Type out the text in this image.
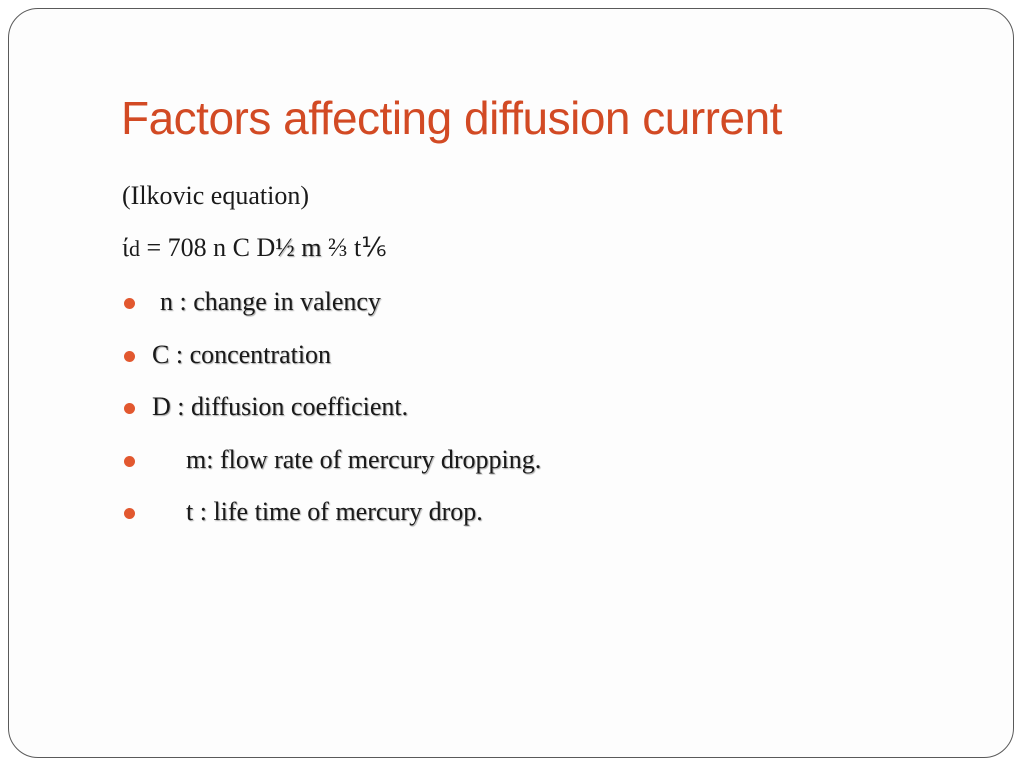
Factors affecting diffusion current
(Ilkovic equation)
ίd = 708 n C D½ m ⅔ t⅙
n : change in valency
C : concentration
D : diffusion coefficient.
m: flow rate of mercury dropping.
t : life time of mercury drop.
